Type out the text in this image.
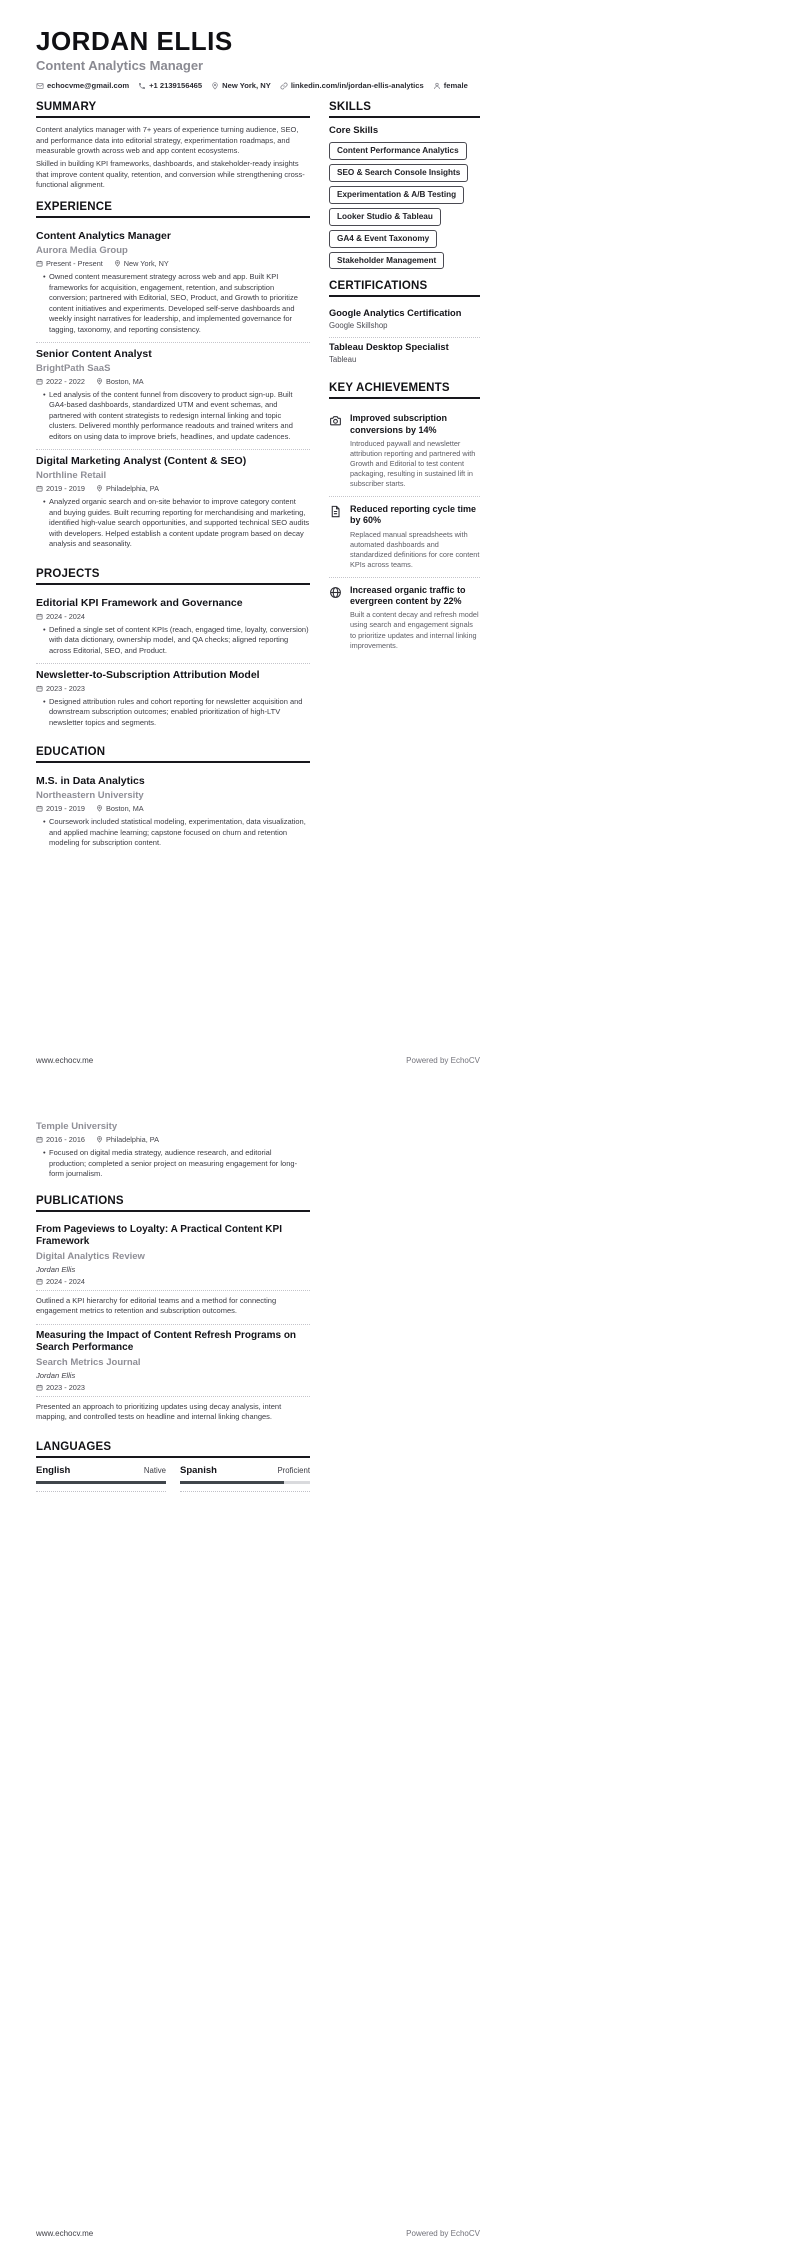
JORDAN ELLIS
Content Analytics Manager
echocvme@gmail.com	+1 2139156465	New York, NY	linkedin.com/in/jordan-ellis-analytics	female
SUMMARY

Content analytics manager with 7+ years of experience turning audience, SEO, and performance data into editorial strategy, experimentation roadmaps, and measurable growth across web and app content ecosystems.

Skilled in building KPI frameworks, dashboards, and stakeholder-ready insights that improve content quality, retention, and conversion while strengthening cross-functional alignment.

EXPERIENCE
Content Analytics Manager
Aurora Media Group
Present - Present	New York, NY
• Owned content measurement strategy across web and app. Built KPI frameworks for acquisition, engagement, retention, and subscription conversion; partnered with Editorial, SEO, Product, and Growth to prioritize content initiatives and experiments. Developed self-serve dashboards and weekly insight narratives for leadership, and implemented governance for tagging, taxonomy, and reporting consistency.
Senior Content Analyst
BrightPath SaaS
2022 - 2022	Boston, MA
• Led analysis of the content funnel from discovery to product sign-up. Built GA4-based dashboards, standardized UTM and event schemas, and partnered with content strategists to redesign internal linking and topic clusters. Delivered monthly performance readouts and trained writers and editors on using data to improve briefs, headlines, and update cadences.
Digital Marketing Analyst (Content & SEO)
Northline Retail
2019 - 2019	Philadelphia, PA
• Analyzed organic search and on-site behavior to improve category content and buying guides. Built recurring reporting for merchandising and marketing, identified high-value search opportunities, and supported technical SEO audits with developers. Helped establish a content update program based on decay analysis and seasonality.
PROJECTS
Editorial KPI Framework and Governance
2024 - 2024
• Defined a single set of content KPIs (reach, engaged time, loyalty, conversion) with data dictionary, ownership model, and QA checks; aligned reporting across Editorial, SEO, and Product.
Newsletter-to-Subscription Attribution Model
2023 - 2023
• Designed attribution rules and cohort reporting for newsletter acquisition and downstream subscription outcomes; enabled prioritization of high-LTV newsletter topics and segments.
EDUCATION
M.S. in Data Analytics
Northeastern University
2019 - 2019	Boston, MA
• Coursework included statistical modeling, experimentation, data visualization, and applied machine learning; capstone focused on churn and retention modeling for subscription content.
SKILLS
Core Skills
Content Performance Analytics
SEO & Search Console Insights
Experimentation & A/B Testing
Looker Studio & Tableau
GA4 & Event Taxonomy
Stakeholder Management
CERTIFICATIONS
Google Analytics Certification
Google Skillshop
Tableau Desktop Specialist
Tableau
KEY ACHIEVEMENTS
Improved subscription conversions by 14%
Introduced paywall and newsletter attribution reporting and partnered with Growth and Editorial to test content packaging, resulting in sustained lift in subscriber starts.
Reduced reporting cycle time by 60%
Replaced manual spreadsheets with automated dashboards and standardized definitions for core content KPIs across teams.
Increased organic traffic to evergreen content by 22%
Built a content decay and refresh model using search and engagement signals to prioritize updates and internal linking improvements.
www.echocv.me	Powered by EchoCV
Temple University
2016 - 2016	Philadelphia, PA
• Focused on digital media strategy, audience research, and editorial production; completed a senior project on measuring engagement for long-form journalism.
PUBLICATIONS
From Pageviews to Loyalty: A Practical Content KPI Framework
Digital Analytics Review
Jordan Ellis
2024 - 2024

Outlined a KPI hierarchy for editorial teams and a method for connecting engagement metrics to retention and subscription outcomes.

Measuring the Impact of Content Refresh Programs on Search Performance
Search Metrics Journal
Jordan Ellis
2023 - 2023

Presented an approach to prioritizing updates using decay analysis, intent mapping, and controlled tests on headline and internal linking changes.

LANGUAGES
English	Native Spanish	Proficient
www.echocv.me	Powered by EchoCV
